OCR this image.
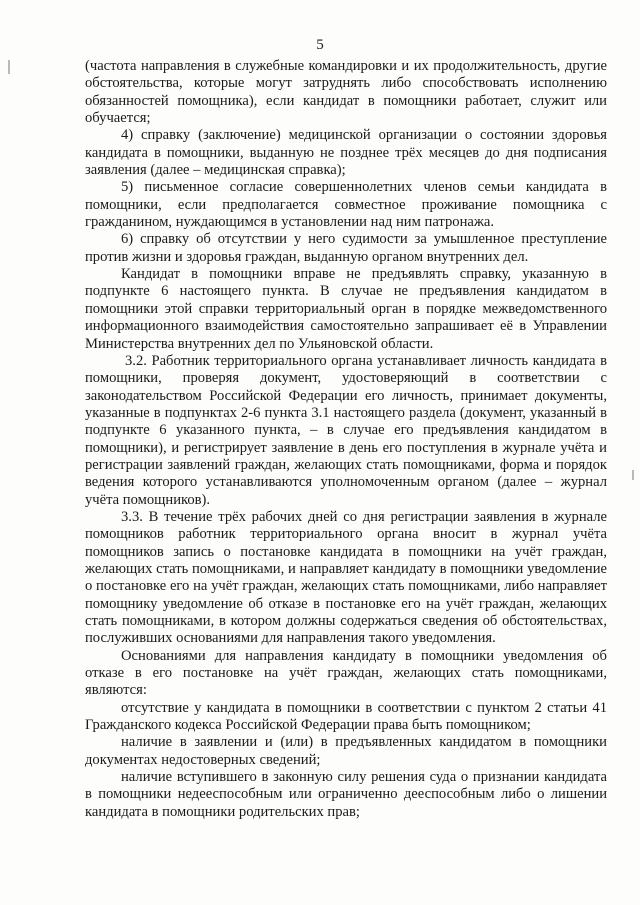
5

(частота направления в служебные командировки и их продолжительность, другие обстоятельства, которые могут затруднять либо способствовать исполнению обязанностей помощника), если кандидат в помощники работает, служит или обучается;

4) справку (заключение) медицинской организации о состоянии здоровья кандидата в помощники, выданную не позднее трёх месяцев до дня подписания заявления (далее – медицинская справка);

5) письменное согласие совершеннолетних членов семьи кандидата в помощники, если предполагается совместное проживание помощника с гражданином, нуждающимся в установлении над ним патронажа.

6) справку об отсутствии у него судимости за умышленное преступление против жизни и здоровья граждан, выданную органом внутренних дел.

Кандидат в помощники вправе не предъявлять справку, указанную в подпункте 6 настоящего пункта. В случае не предъявления кандидатом в помощники этой справки территориальный орган в порядке межведомственного информационного взаимодействия самостоятельно запрашивает её в Управлении Министерства внутренних дел по Ульяновской области.

3.2. Работник территориального органа устанавливает личность кандидата в помощники, проверяя документ, удостоверяющий в соответствии с законодательством Российской Федерации его личность, принимает документы, указанные в подпунктах 2-6 пункта 3.1 настоящего раздела (документ, указанный в подпункте 6 указанного пункта, – в случае его предъявления кандидатом в помощники), и регистрирует заявление в день его поступления в журнале учёта и регистрации заявлений граждан, желающих стать помощниками, форма и порядок ведения которого устанавливаются уполномоченным органом (далее – журнал учёта помощников).

3.3. В течение трёх рабочих дней со дня регистрации заявления в журнале помощников работник территориального органа вносит в журнал учёта помощников запись о постановке кандидата в помощники на учёт граждан, желающих стать помощниками, и направляет кандидату в помощники уведомление о постановке его на учёт граждан, желающих стать помощниками, либо направляет помощнику уведомление об отказе в постановке его на учёт граждан, желающих стать помощниками, в котором должны содержаться сведения об обстоятельствах, послуживших основаниями для направления такого уведомления.

Основаниями для направления кандидату в помощники уведомления об отказе в его постановке на учёт граждан, желающих стать помощниками, являются:

отсутствие у кандидата в помощники в соответствии с пунктом 2 статьи 41 Гражданского кодекса Российской Федерации права быть помощником;

наличие в заявлении и (или) в предъявленных кандидатом в помощники документах недостоверных сведений;

наличие вступившего в законную силу решения суда о признании кандидата в помощники недееспособным или ограниченно дееспособным либо о лишении кандидата в помощники родительских прав;
